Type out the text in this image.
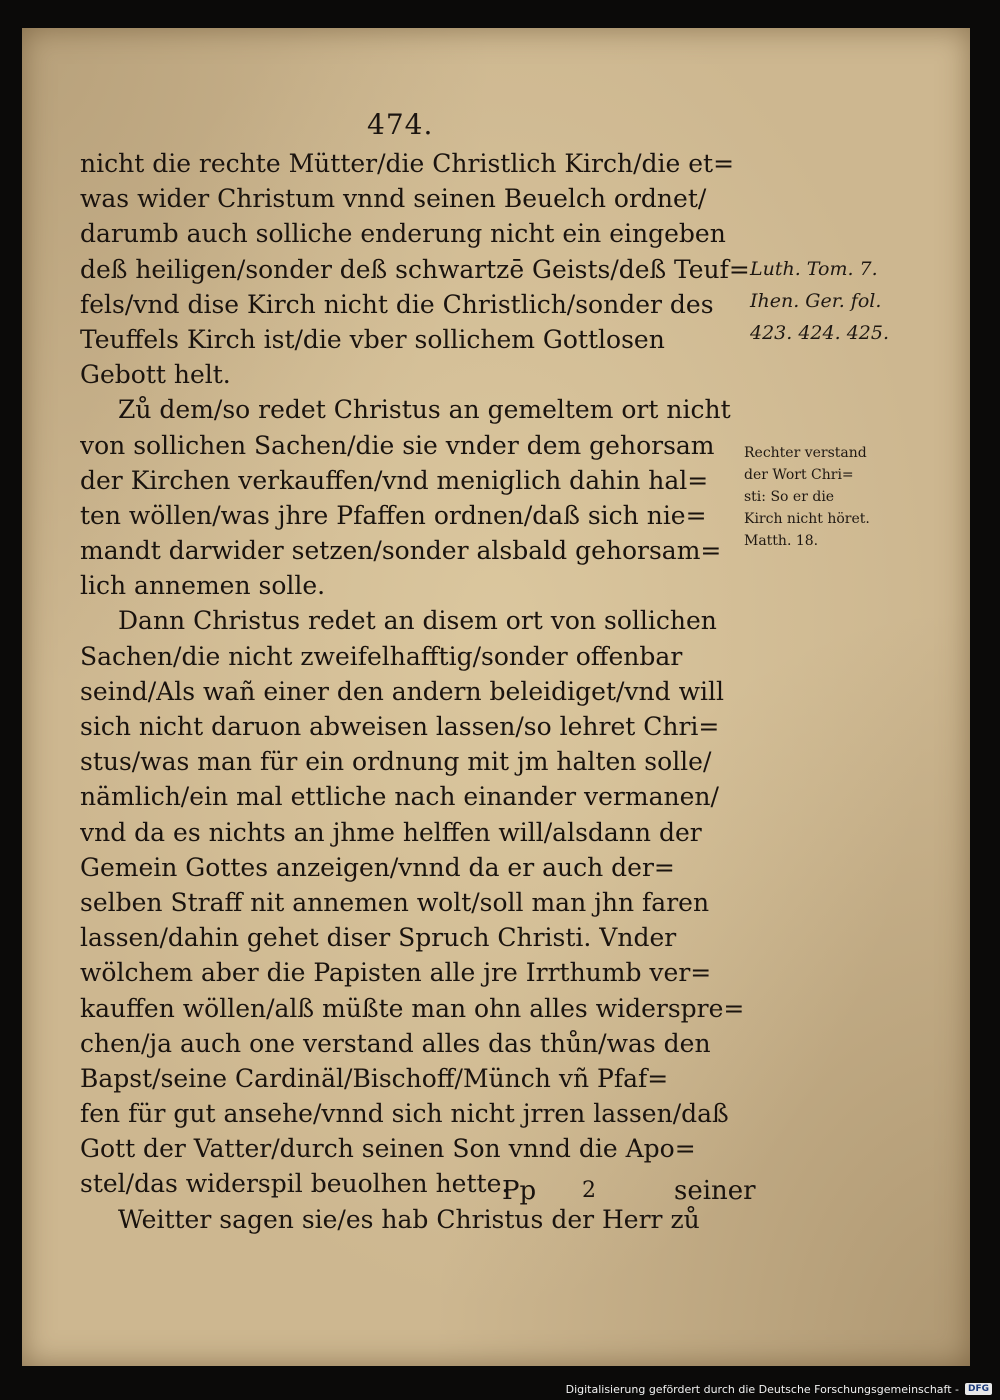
474.
nicht die rechte Mütter/die Christlich Kirch/die et=
was wider Christum vnnd seinen Beuelch ordnet/
darumb auch solliche enderung nicht ein eingeben
deß heiligen/sonder deß schwartzē Geists/deß Teuf=
fels/vnd dise Kirch nicht die Christlich/sonder des
Teuffels Kirch ist/die vber sollichem Gottlosen
Gebott helt.
Zů dem/so redet Christus an gemeltem ort nicht
von sollichen Sachen/die sie vnder dem gehorsam
der Kirchen verkauffen/vnd meniglich dahin hal=
ten wöllen/was jhre Pfaffen ordnen/daß sich nie=
mandt darwider setzen/sonder alsbald gehorsam=
lich annemen solle.
Dann Christus redet an disem ort von sollichen
Sachen/die nicht zweifelhafftig/sonder offenbar
seind/Als wañ einer den andern beleidiget/vnd will
sich nicht daruon abweisen lassen/so lehret Chri=
stus/was man für ein ordnung mit jm halten solle/
nämlich/ein mal ettliche nach einander vermanen/
vnd da es nichts an jhme helffen will/alsdann der
Gemein Gottes anzeigen/vnnd da er auch der=
selben Straff nit annemen wolt/soll man jhn faren
lassen/dahin gehet diser Spruch Christi. Vnder
wölchem aber die Papisten alle jre Irrthumb ver=
kauffen wöllen/alß müßte man ohn alles widerspre=
chen/ja auch one verstand alles das thůn/was den
Bapst/seine Cardinäl/Bischoff/Münch vñ Pfaf=
fen für gut ansehe/vnnd sich nicht jrren lassen/daß
Gott der Vatter/durch seinen Son vnnd die Apo=
stel/das widerspil beuolhen hette.
Weitter sagen sie/es hab Christus der Herr zů
Luth. Tom. 7.
Ihen. Ger. fol.
423. 424. 425.
Rechter verstand
der Wort Chri=
sti: So er die
Kirch nicht höret.
Matth. 18.
Pp 2	seiner
Digitalisierung gefördert durch die Deutsche Forschungsgemeinschaft -	DFG
